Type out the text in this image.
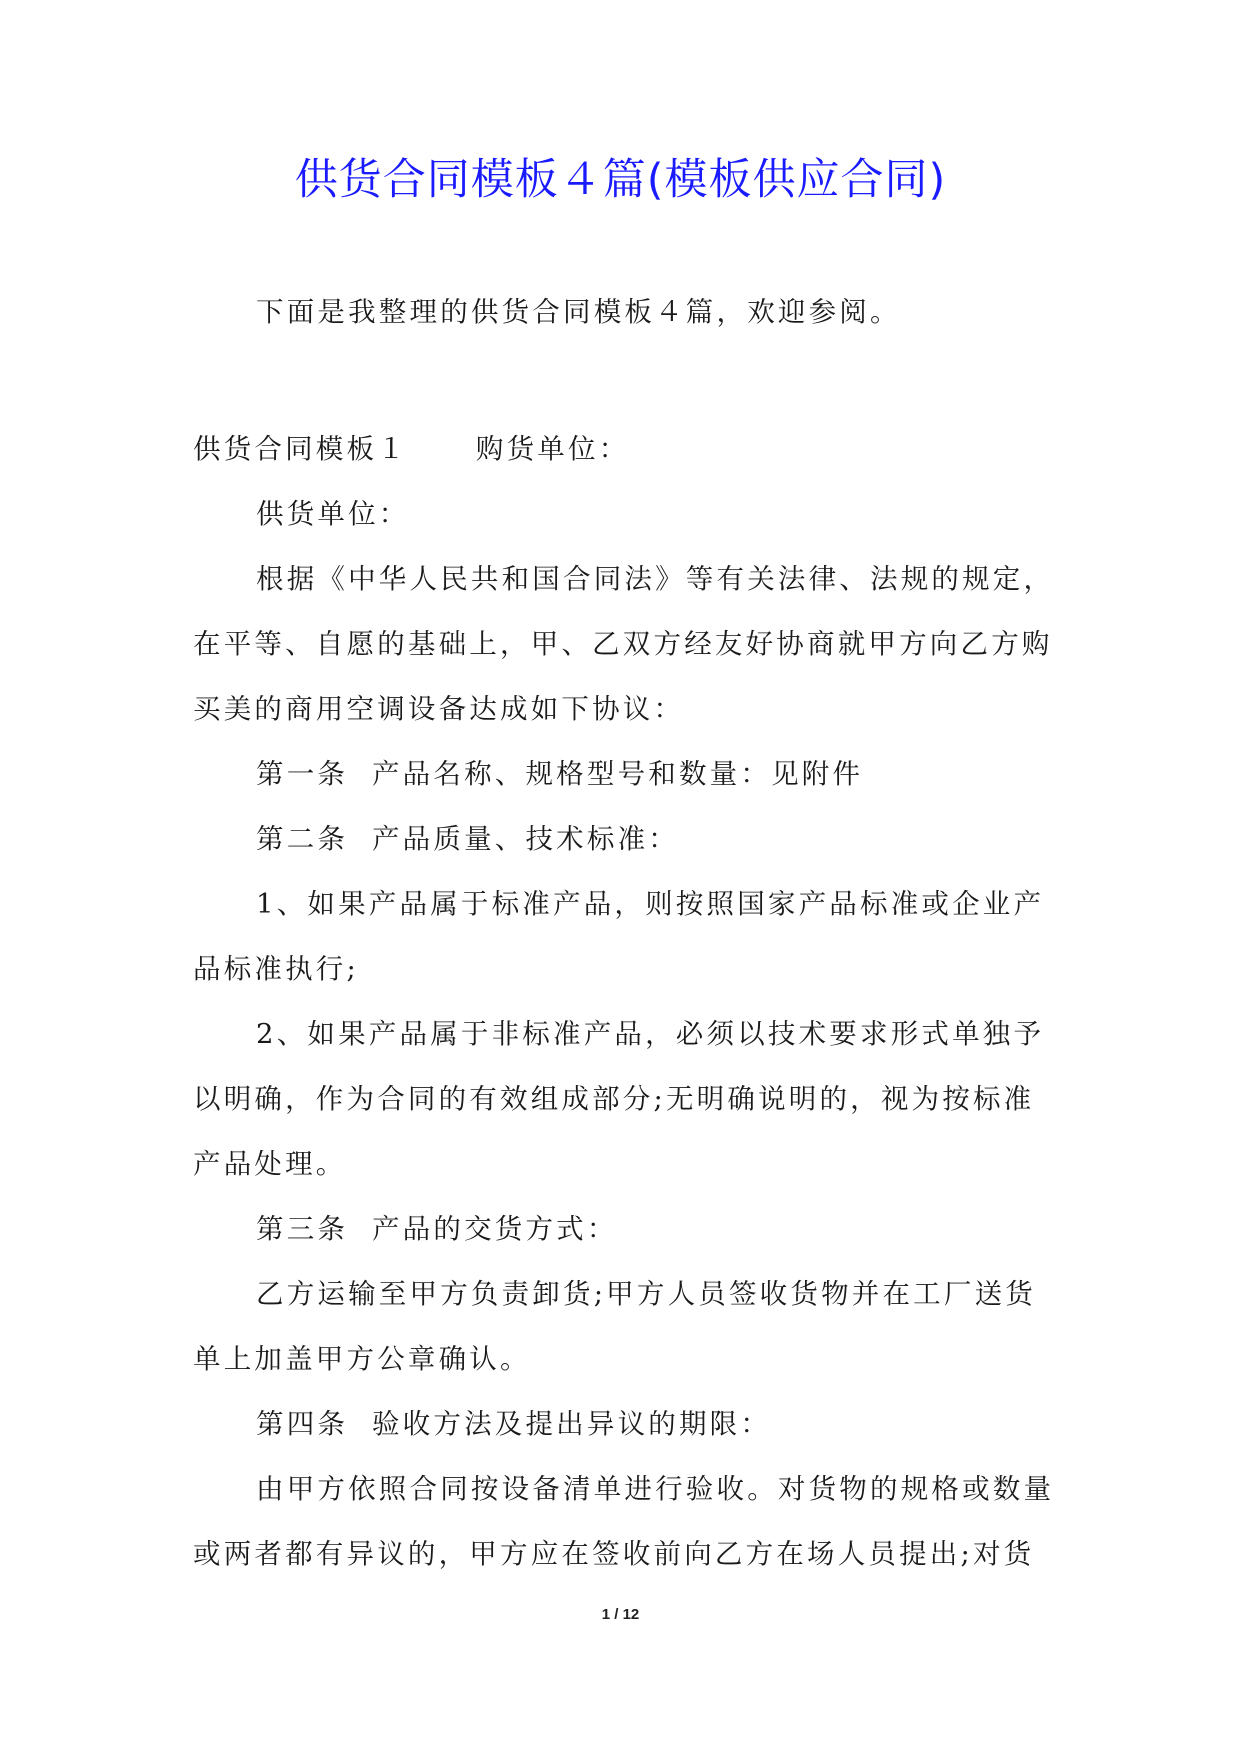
供货合同模板４篇(模板供应合同)

下面是我整理的供货合同模板４篇，欢迎参阅。

供货合同模板１ 购货单位：

供货单位：

根据《中华人民共和国合同法》等有关法律、法规的规定，

在平等、自愿的基础上，甲、乙双方经友好协商就甲方向乙方购

买美的商用空调设备达成如下协议：

第一条  产品名称、规格型号和数量：见附件

第二条  产品质量、技术标准：

1、如果产品属于标准产品，则按照国家产品标准或企业产

品标准执行;

2、如果产品属于非标准产品，必须以技术要求形式单独予

以明确，作为合同的有效组成部分;无明确说明的，视为按标准

产品处理。

第三条  产品的交货方式：

乙方运输至甲方负责卸货;甲方人员签收货物并在工厂送货

单上加盖甲方公章确认。

第四条  验收方法及提出异议的期限：

由甲方依照合同按设备清单进行验收。对货物的规格或数量

或两者都有异议的，甲方应在签收前向乙方在场人员提出;对货

1 / 12
